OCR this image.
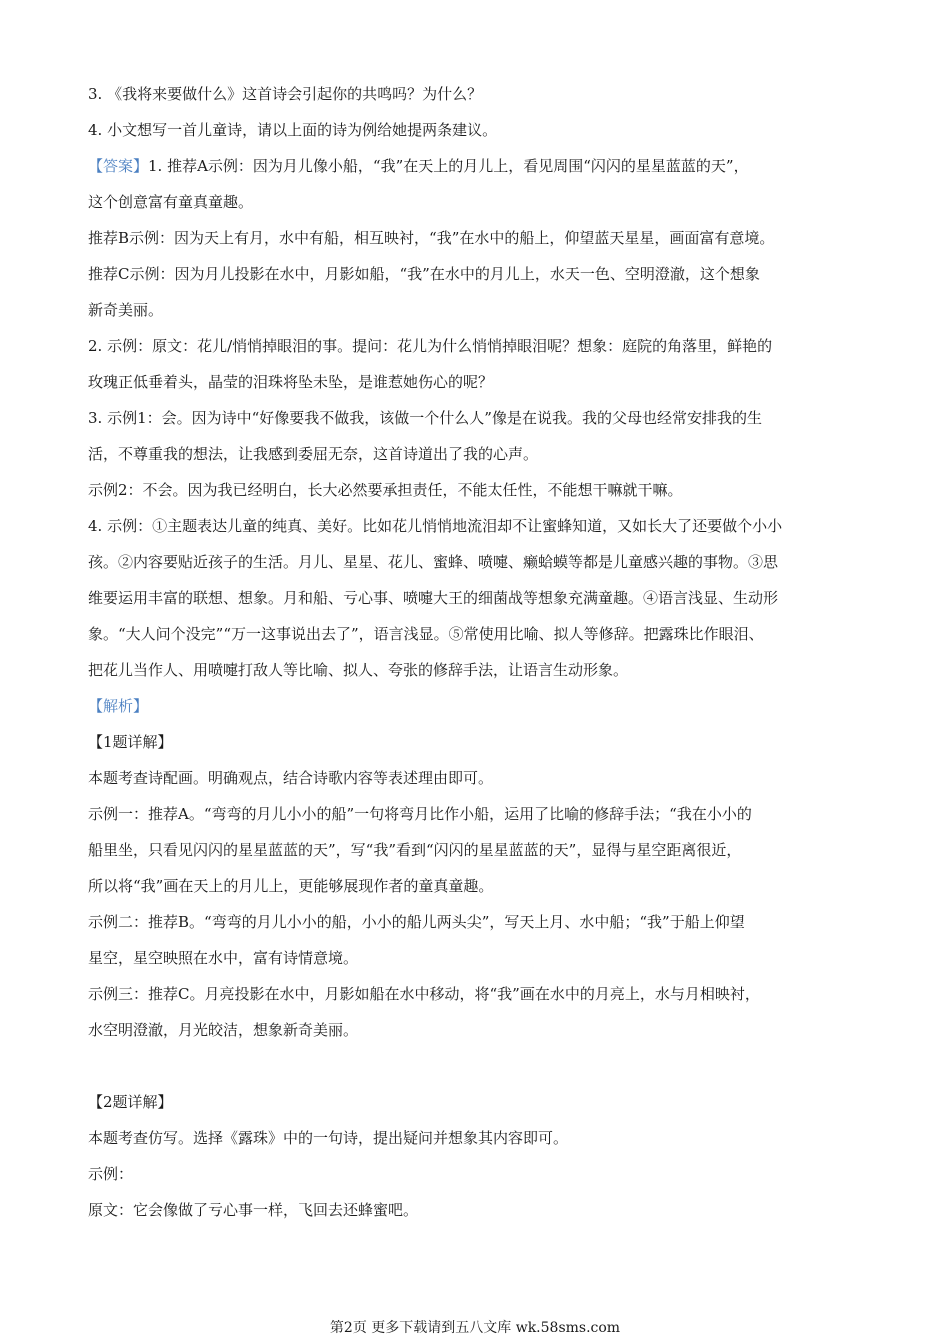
3. 《我将来要做什么》这首诗会引起你的共鸣吗？为什么？
4. 小文想写一首儿童诗，请以上面的诗为例给她提两条建议。
【答案】1. 推荐A示例：因为月儿像小船，“我”在天上的月儿上，看见周围“闪闪的星星蓝蓝的天”，
这个创意富有童真童趣。
推荐B示例：因为天上有月，水中有船，相互映衬，“我”在水中的船上，仰望蓝天星星，画面富有意境。
推荐C示例：因为月儿投影在水中，月影如船，“我”在水中的月儿上，水天一色、空明澄澈，这个想象
新奇美丽。
2. 示例：原文：花儿/悄悄掉眼泪的事。提问：花儿为什么悄悄掉眼泪呢？想象：庭院的角落里，鲜艳的
玫瑰正低垂着头，晶莹的泪珠将坠未坠，是谁惹她伤心的呢？
3. 示例1：会。因为诗中“好像要我不做我，该做一个什么人”像是在说我。我的父母也经常安排我的生
活，不尊重我的想法，让我感到委屈无奈，这首诗道出了我的心声。
示例2：不会。因为我已经明白，长大必然要承担责任，不能太任性，不能想干嘛就干嘛。
4. 示例：①主题表达儿童的纯真、美好。比如花儿悄悄地流泪却不让蜜蜂知道，又如长大了还要做个小小
孩。②内容要贴近孩子的生活。月儿、星星、花儿、蜜蜂、喷嚏、癞蛤蟆等都是儿童感兴趣的事物。③思
维要运用丰富的联想、想象。月和船、亏心事、喷嚏大王的细菌战等想象充满童趣。④语言浅显、生动形
象。“大人问个没完”“万一这事说出去了”，语言浅显。⑤常使用比喻、拟人等修辞。把露珠比作眼泪、
把花儿当作人、用喷嚏打敌人等比喻、拟人、夸张的修辞手法，让语言生动形象。
【解析】
【1题详解】
本题考查诗配画。明确观点，结合诗歌内容等表述理由即可。
示例一：推荐A。“弯弯的月儿小小的船”一句将弯月比作小船，运用了比喻的修辞手法；“我在小小的
船里坐，只看见闪闪的星星蓝蓝的天”，写“我”看到“闪闪的星星蓝蓝的天”，显得与星空距离很近，
所以将“我”画在天上的月儿上，更能够展现作者的童真童趣。
示例二：推荐B。“弯弯的月儿小小的船，小小的船儿两头尖”，写天上月、水中船；“我”于船上仰望
星空，星空映照在水中，富有诗情意境。
示例三：推荐C。月亮投影在水中，月影如船在水中移动，将“我”画在水中的月亮上，水与月相映衬，
水空明澄澈，月光皎洁，想象新奇美丽。
【2题详解】
本题考查仿写。选择《露珠》中的一句诗，提出疑问并想象其内容即可。
示例：
原文：它会像做了亏心事一样，飞回去还蜂蜜吧。
第2页 更多下载请到五八文库 wk.58sms.com
